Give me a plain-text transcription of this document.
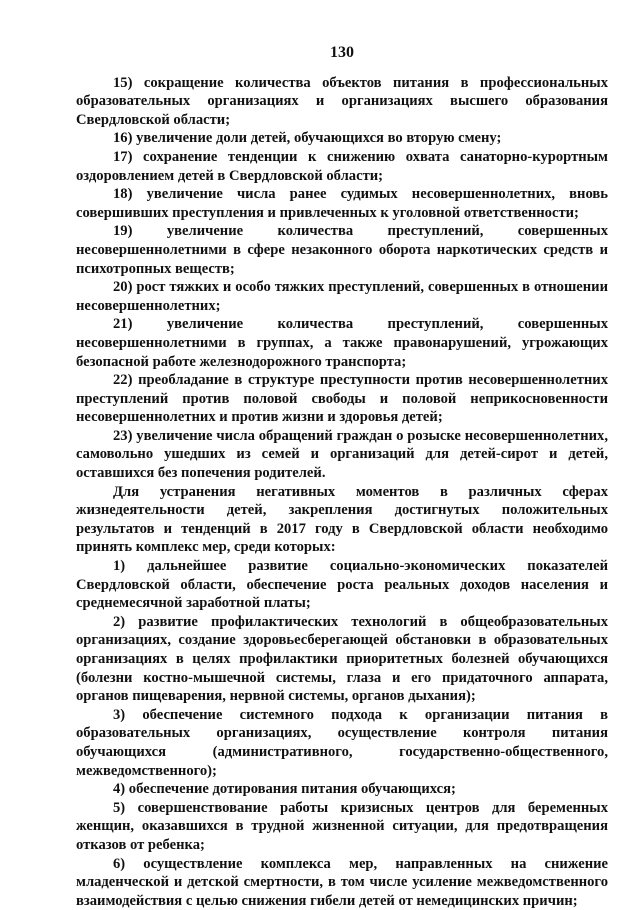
130

15) сокращение количества объектов питания в профессиональных образовательных организациях и организациях высшего образования Свердловской области;

16) увеличение доли детей, обучающихся во вторую смену;

17) сохранение тенденции к снижению охвата санаторно-курортным оздоровлением детей в Свердловской области;

18) увеличение числа ранее судимых несовершеннолетних, вновь совершивших преступления и привлеченных к уголовной ответственности;

19) увеличение количества преступлений, совершенных несовершеннолетними в сфере незаконного оборота наркотических средств и психотропных веществ;

20) рост тяжких и особо тяжких преступлений, совершенных в отношении несовершеннолетних;

21) увеличение количества преступлений, совершенных несовершеннолетними в группах, а также правонарушений, угрожающих безопасной работе железнодорожного транспорта;

22) преобладание в структуре преступности против несовершеннолетних преступлений против половой свободы и половой неприкосновенности несовершеннолетних и против жизни и здоровья детей;

23) увеличение числа обращений граждан о розыске несовершеннолетних, самовольно ушедших из семей и организаций для детей-сирот и детей, оставшихся без попечения родителей.

Для устранения негативных моментов в различных сферах жизнедеятельности детей, закрепления достигнутых положительных результатов и тенденций в 2017 году в Свердловской области необходимо принять комплекс мер, среди которых:

1) дальнейшее развитие социально-экономических показателей Свердловской области, обеспечение роста реальных доходов населения и среднемесячной заработной платы;

2) развитие профилактических технологий в общеобразовательных организациях, создание здоровьесберегающей обстановки в образовательных организациях в целях профилактики приоритетных болезней обучающихся (болезни костно-мышечной системы, глаза и его придаточного аппарата, органов пищеварения, нервной системы, органов дыхания);

3) обеспечение системного подхода к организации питания в образовательных организациях, осуществление контроля питания обучающихся (административного, государственно-общественного, межведомственного);

4) обеспечение дотирования питания обучающихся;

5) совершенствование работы кризисных центров для беременных женщин, оказавшихся в трудной жизненной ситуации, для предотвращения отказов от ребенка;

6) осуществление комплекса мер, направленных на снижение младенческой и детской смертности, в том числе усиление межведомственного взаимодействия с целью снижения гибели детей от немедицинских причин;
